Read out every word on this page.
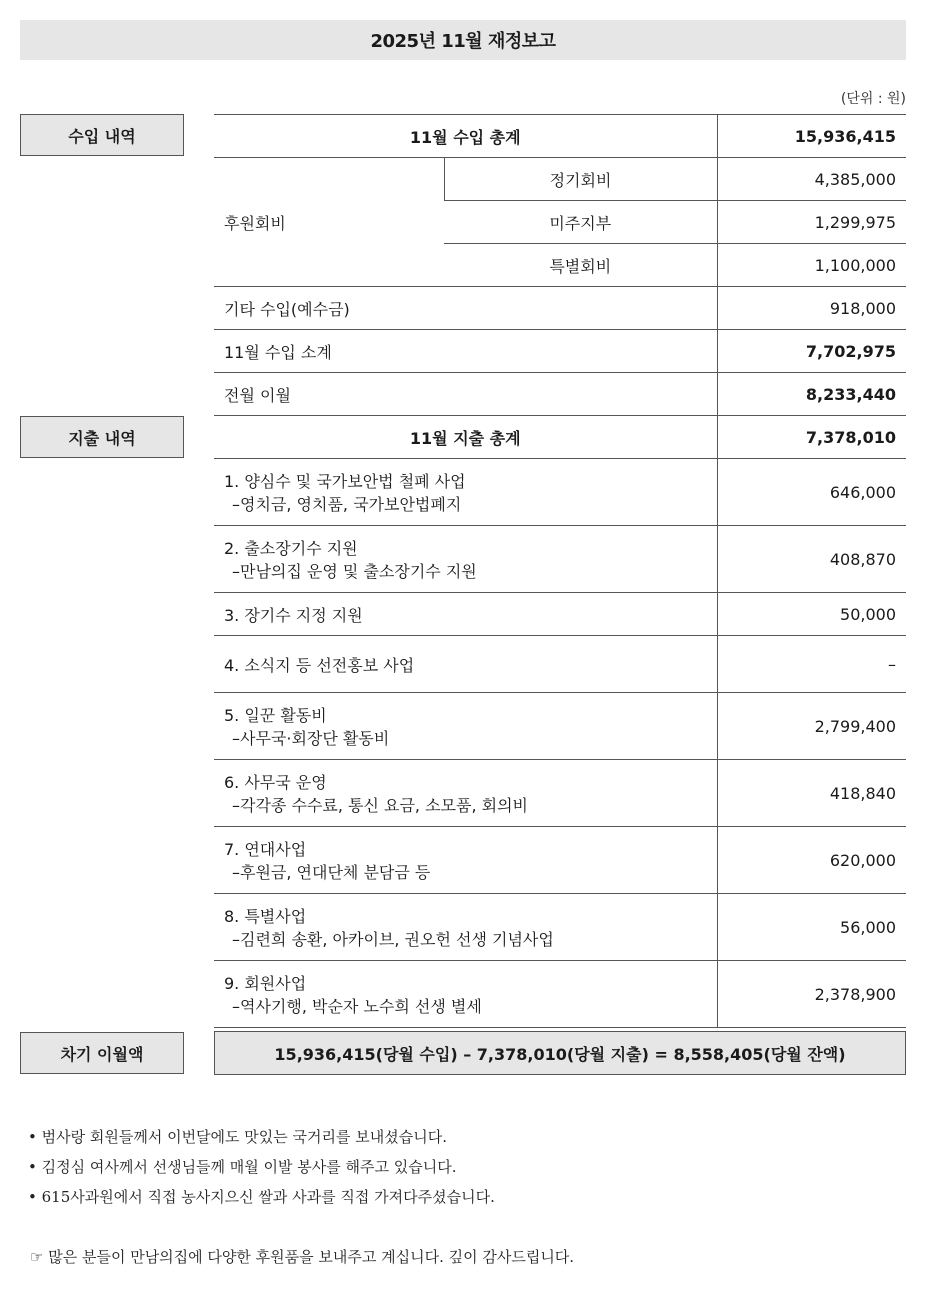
2025년 11월 재정보고
(단위 : 원)
수입 내역
지출 내역
차기 이월액
11월 수입 총계		15,936,415
후원회비	정기회비	4,385,000
	미주지부	1,299,975
	특별회비	1,100,000
기타 수입(예수금)		918,000
11월 수입 소계		7,702,975
전월 이월		8,233,440
11월 지출 총계		7,378,010
1. 양심수 및 국가보안법 철폐 사업
–영치금, 영치품, 국가보안법폐지		646,000
2. 출소장기수 지원
–만남의집 운영 및 출소장기수 지원		408,870
3. 장기수 지정 지원		50,000
4. 소식지 등 선전홍보 사업		–
5. 일꾼 활동비
–사무국·회장단 활동비		2,799,400
6. 사무국 운영
–각각종 수수료, 통신 요금, 소모품, 회의비		418,840
7. 연대사업
–후원금, 연대단체 분담금 등		620,000
8. 특별사업
–김련희 송환, 아카이브, 권오헌 선생 기념사업		56,000
9. 회원사업
–역사기행, 박순자 노수희 선생 별세		2,378,900
15,936,415(당월 수입) – 7,378,010(당월 지출) = 8,558,405(당월 잔액)
• 범사랑 회원들께서 이번달에도 맛있는 국거리를 보내셨습니다.
• 김정심 여사께서 선생님들께 매월 이발 봉사를 해주고 있습니다.
• 615사과원에서 직접 농사지으신 쌀과 사과를 직접 가져다주셨습니다.
☞ 많은 분들이 만남의집에 다양한 후원품을 보내주고 계십니다. 깊이 감사드립니다.
